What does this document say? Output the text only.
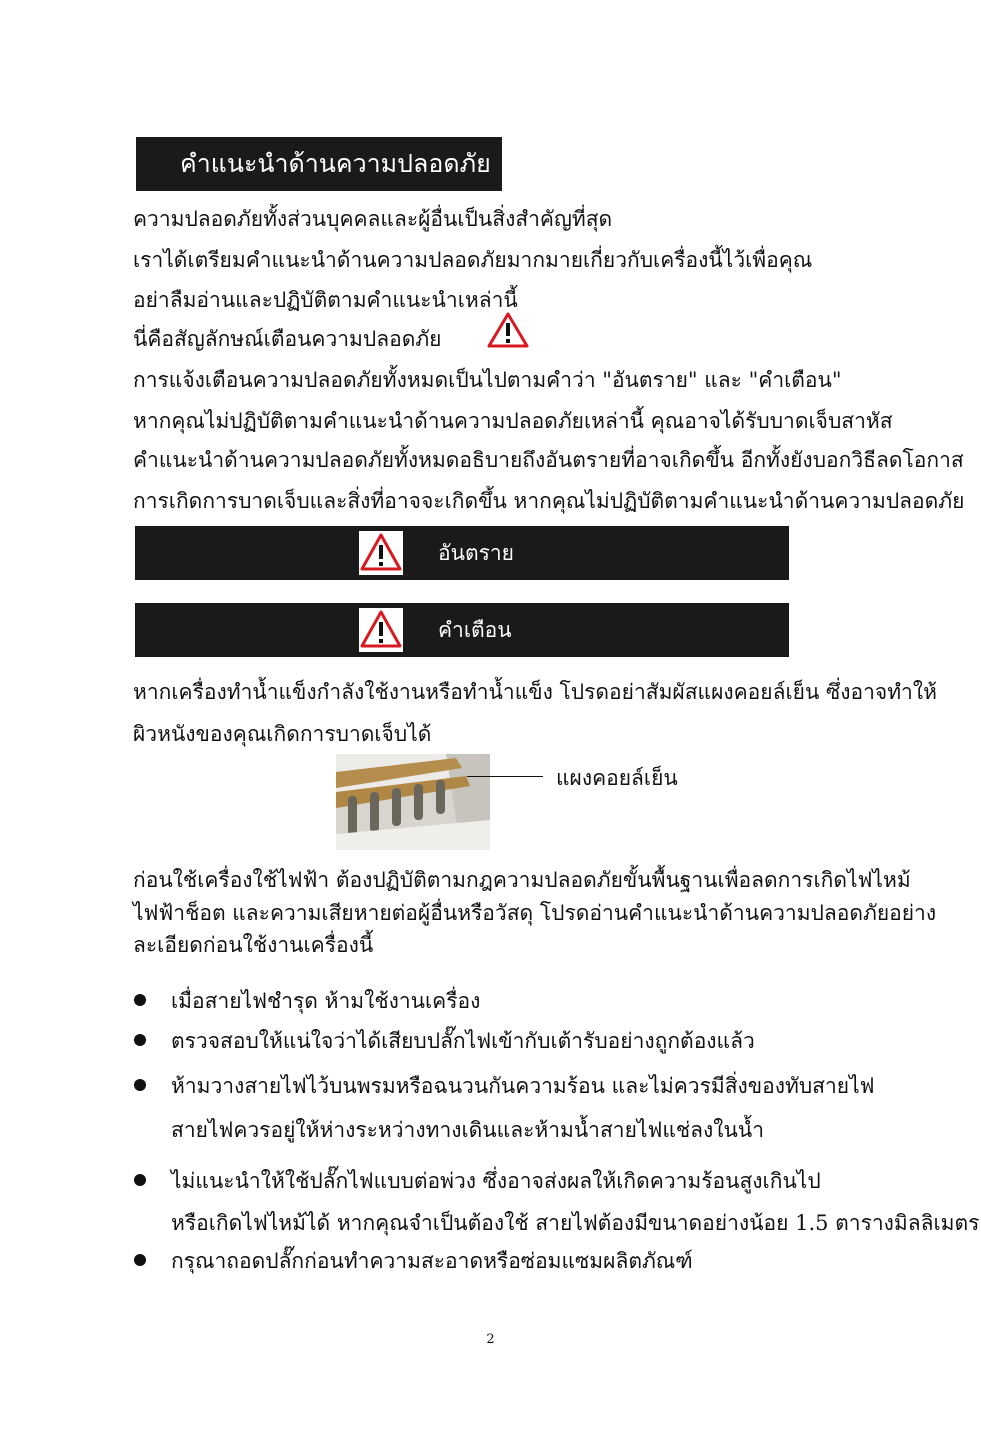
คำแนะนำด้านความปลอดภัย
ความปลอดภัยทั้งส่วนบุคคลและผู้อื่นเป็นสิ่งสำคัญที่สุด
เราได้เตรียมคำแนะนำด้านความปลอดภัยมากมายเกี่ยวกับเครื่องนี้ไว้เพื่อคุณ
อย่าลืมอ่านและปฏิบัติตามคำแนะนำเหล่านี้
นี่คือสัญลักษณ์เตือนความปลอดภัย
การแจ้งเตือนความปลอดภัยทั้งหมดเป็นไปตามคำว่า "อันตราย" และ "คำเตือน"
หากคุณไม่ปฏิบัติตามคำแนะนำด้านความปลอดภัยเหล่านี้ คุณอาจได้รับบาดเจ็บสาหัส
คำแนะนำด้านความปลอดภัยทั้งหมดอธิบายถึงอันตรายที่อาจเกิดขึ้น อีกทั้งยังบอกวิธีลดโอกาส
การเกิดการบาดเจ็บและสิ่งที่อาจจะเกิดขึ้น หากคุณไม่ปฏิบัติตามคำแนะนำด้านความปลอดภัย
อันตราย
คำเตือน
หากเครื่องทำน้ำแข็งกำลังใช้งานหรือทำน้ำแข็ง โปรดอย่าสัมผัสแผงคอยล์เย็น ซึ่งอาจทำให้
ผิวหนังของคุณเกิดการบาดเจ็บได้
แผงคอยล์เย็น
ก่อนใช้เครื่องใช้ไฟฟ้า ต้องปฏิบัติตามกฎความปลอดภัยขั้นพื้นฐานเพื่อลดการเกิดไฟไหม้
ไฟฟ้าช็อต และความเสียหายต่อผู้อื่นหรือวัสดุ โปรดอ่านคำแนะนำด้านความปลอดภัยอย่าง
ละเอียดก่อนใช้งานเครื่องนี้
เมื่อสายไฟชำรุด ห้ามใช้งานเครื่อง
ตรวจสอบให้แน่ใจว่าได้เสียบปลั๊กไฟเข้ากับเต้ารับอย่างถูกต้องแล้ว
ห้ามวางสายไฟไว้บนพรมหรือฉนวนกันความร้อน และไม่ควรมีสิ่งของทับสายไฟ
สายไฟควรอยู่ให้ห่างระหว่างทางเดินและห้ามน้ำสายไฟแช่ลงในน้ำ
ไม่แนะนำให้ใช้ปลั๊กไฟแบบต่อพ่วง ซึ่งอาจส่งผลให้เกิดความร้อนสูงเกินไป
หรือเกิดไฟไหม้ได้ หากคุณจำเป็นต้องใช้ สายไฟต้องมีขนาดอย่างน้อย 1.5 ตารางมิลลิเมตร
กรุณาถอดปลั๊กก่อนทำความสะอาดหรือซ่อมแซมผลิตภัณฑ์
2
